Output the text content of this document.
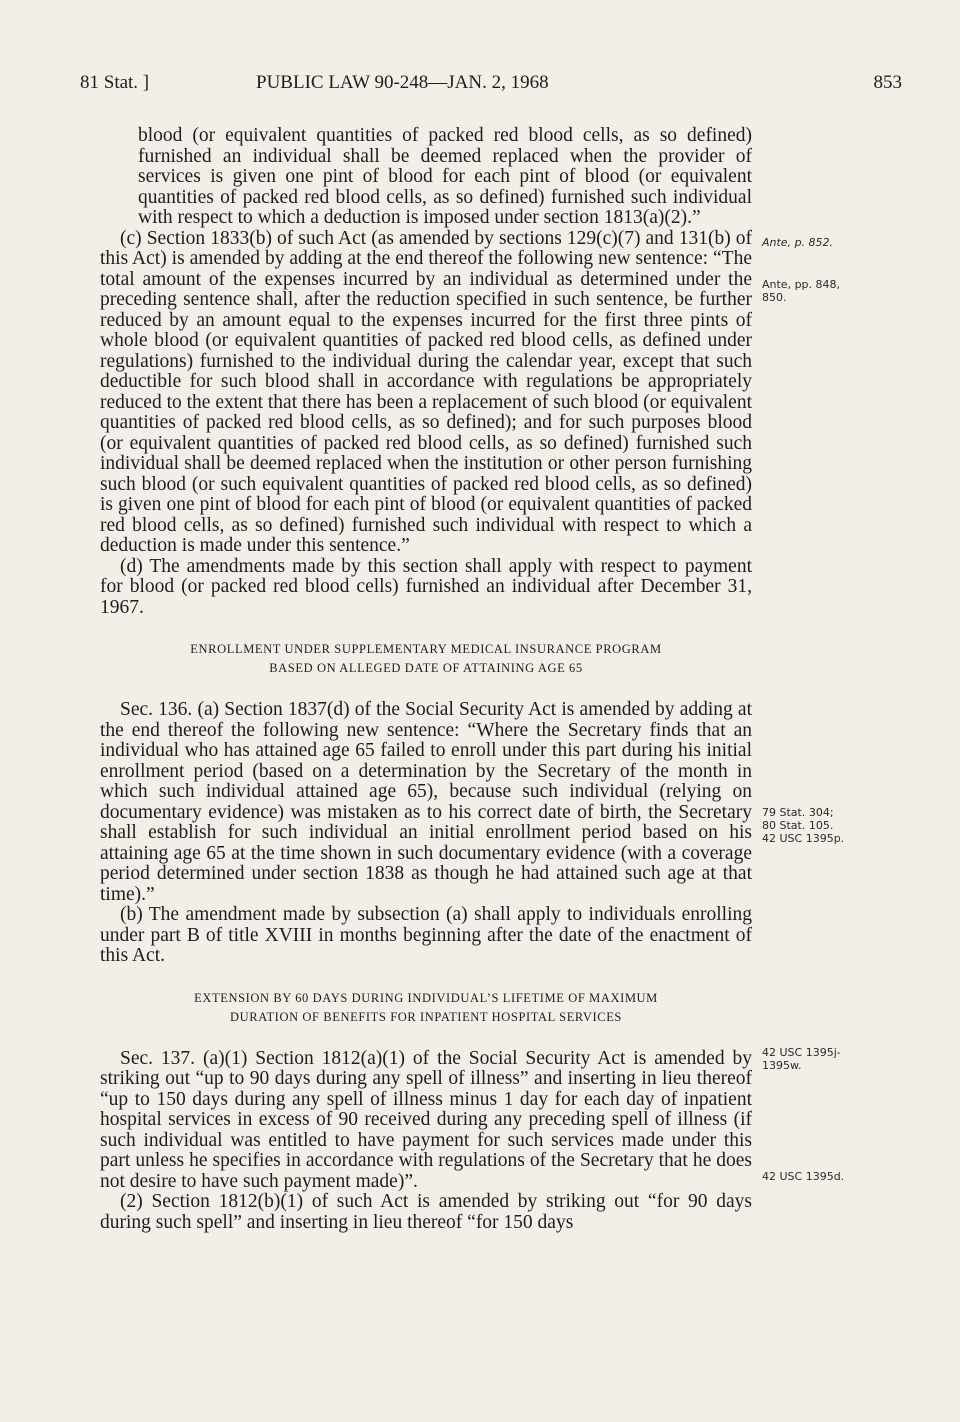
81 Stat. ]	PUBLIC LAW 90-248—JAN. 2, 1968	853

blood (or equivalent quantities of packed red blood cells, as so defined) furnished an individual shall be deemed replaced when the provider of services is given one pint of blood for each pint of blood (or equivalent quantities of packed red blood cells, as so defined) furnished such individual with respect to which a deduction is imposed under section 1813(a)(2).”

(c) Section 1833(b) of such Act (as amended by sections 129(c)(7) and 131(b) of this Act) is amended by adding at the end thereof the following new sentence: “The total amount of the expenses incurred by an individual as determined under the preceding sentence shall, after the reduction specified in such sentence, be further reduced by an amount equal to the expenses incurred for the first three pints of whole blood (or equivalent quantities of packed red blood cells, as defined under regulations) furnished to the individual during the calendar year, except that such deductible for such blood shall in accordance with regulations be appropriately reduced to the extent that there has been a replacement of such blood (or equivalent quantities of packed red blood cells, as so defined); and for such purposes blood (or equivalent quantities of packed red blood cells, as so defined) furnished such individual shall be deemed replaced when the institution or other person furnishing such blood (or such equivalent quantities of packed red blood cells, as so defined) is given one pint of blood for each pint of blood (or equivalent quantities of packed red blood cells, as so defined) furnished such individual with respect to which a deduction is made under this sentence.”

(d) The amendments made by this section shall apply with respect to payment for blood (or packed red blood cells) furnished an individual after December 31, 1967.

ENROLLMENT UNDER SUPPLEMENTARY MEDICAL INSURANCE PROGRAM
BASED ON ALLEGED DATE OF ATTAINING AGE 65

Sec. 136. (a) Section 1837(d) of the Social Security Act is amended by adding at the end thereof the following new sentence: “Where the Secretary finds that an individual who has attained age 65 failed to enroll under this part during his initial enrollment period (based on a determination by the Secretary of the month in which such individual attained age 65), because such individual (relying on documentary evidence) was mistaken as to his correct date of birth, the Secretary shall establish for such individual an initial enrollment period based on his attaining age 65 at the time shown in such documentary evidence (with a coverage period determined under section 1838 as though he had attained such age at that time).”

(b) The amendment made by subsection (a) shall apply to individuals enrolling under part B of title XVIII in months beginning after the date of the enactment of this Act.

EXTENSION BY 60 DAYS DURING INDIVIDUAL’S LIFETIME OF MAXIMUM
DURATION OF BENEFITS FOR INPATIENT HOSPITAL SERVICES

Sec. 137. (a)(1) Section 1812(a)(1) of the Social Security Act is amended by striking out “up to 90 days during any spell of illness” and inserting in lieu thereof “up to 150 days during any spell of illness minus 1 day for each day of inpatient hospital services in excess of 90 received during any preceding spell of illness (if such individual was entitled to have payment for such services made under this part unless he specifies in accordance with regulations of the Secretary that he does not desire to have such payment made)”.

(2) Section 1812(b)(1) of such Act is amended by striking out “for 90 days during such spell” and inserting in lieu thereof “for 150 days

Ante, p. 852.
Ante, pp. 848,
850.
79 Stat. 304;
80 Stat. 105.
42 USC 1395p.
42 USC 1395j-
1395w.
42 USC 1395d.
